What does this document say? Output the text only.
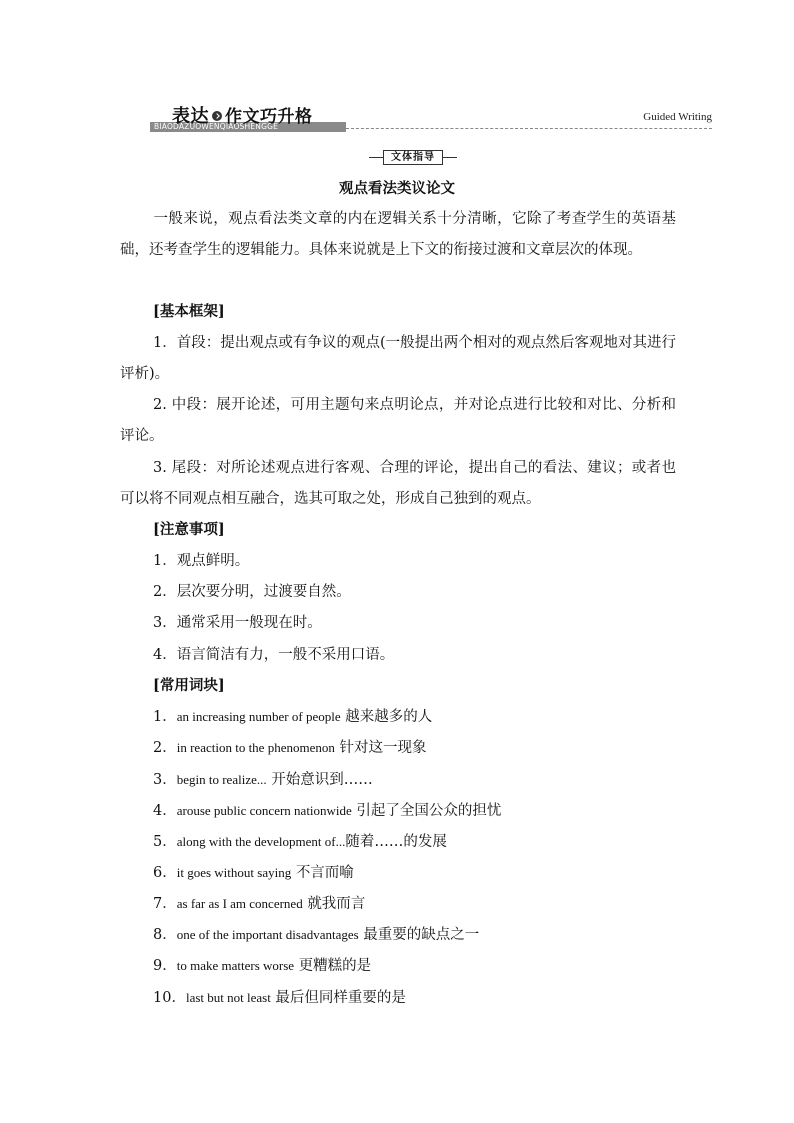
BIAODAZUOWENQIAOSHENGGE
表达 作文巧升格	Guided Writing
文体指导
观点看法类议论文
一般来说，观点看法类文章的内在逻辑关系十分清晰，它除了考查学生的英语基础，还考查学生的逻辑能力。具体来说就是上下文的衔接过渡和文章层次的体现。
[基本框架]
1．首段：提出观点或有争议的观点(一般提出两个相对的观点然后客观地对其进行评析)。
2. 中段：展开论述，可用主题句来点明论点，并对论点进行比较和对比、分析和评论。
3. 尾段：对所论述观点进行客观、合理的评论，提出自己的看法、建议；或者也可以将不同观点相互融合，选其可取之处，形成自己独到的观点。
[注意事项]
1．观点鲜明。
2．层次要分明，过渡要自然。
3．通常采用一般现在时。
4．语言简洁有力，一般不采用口语。
[常用词块]
1．an increasing number of people 越来越多的人
2．in reaction to the phenomenon 针对这一现象
3．begin to realize... 开始意识到……
4．arouse public concern nationwide 引起了全国公众的担忧
5．along with the development of...随着……的发展
6．it goes without saying 不言而喻
7．as far as I am concerned 就我而言
8．one of the important disadvantages 最重要的缺点之一
9．to make matters worse 更糟糕的是
10．last but not least 最后但同样重要的是
